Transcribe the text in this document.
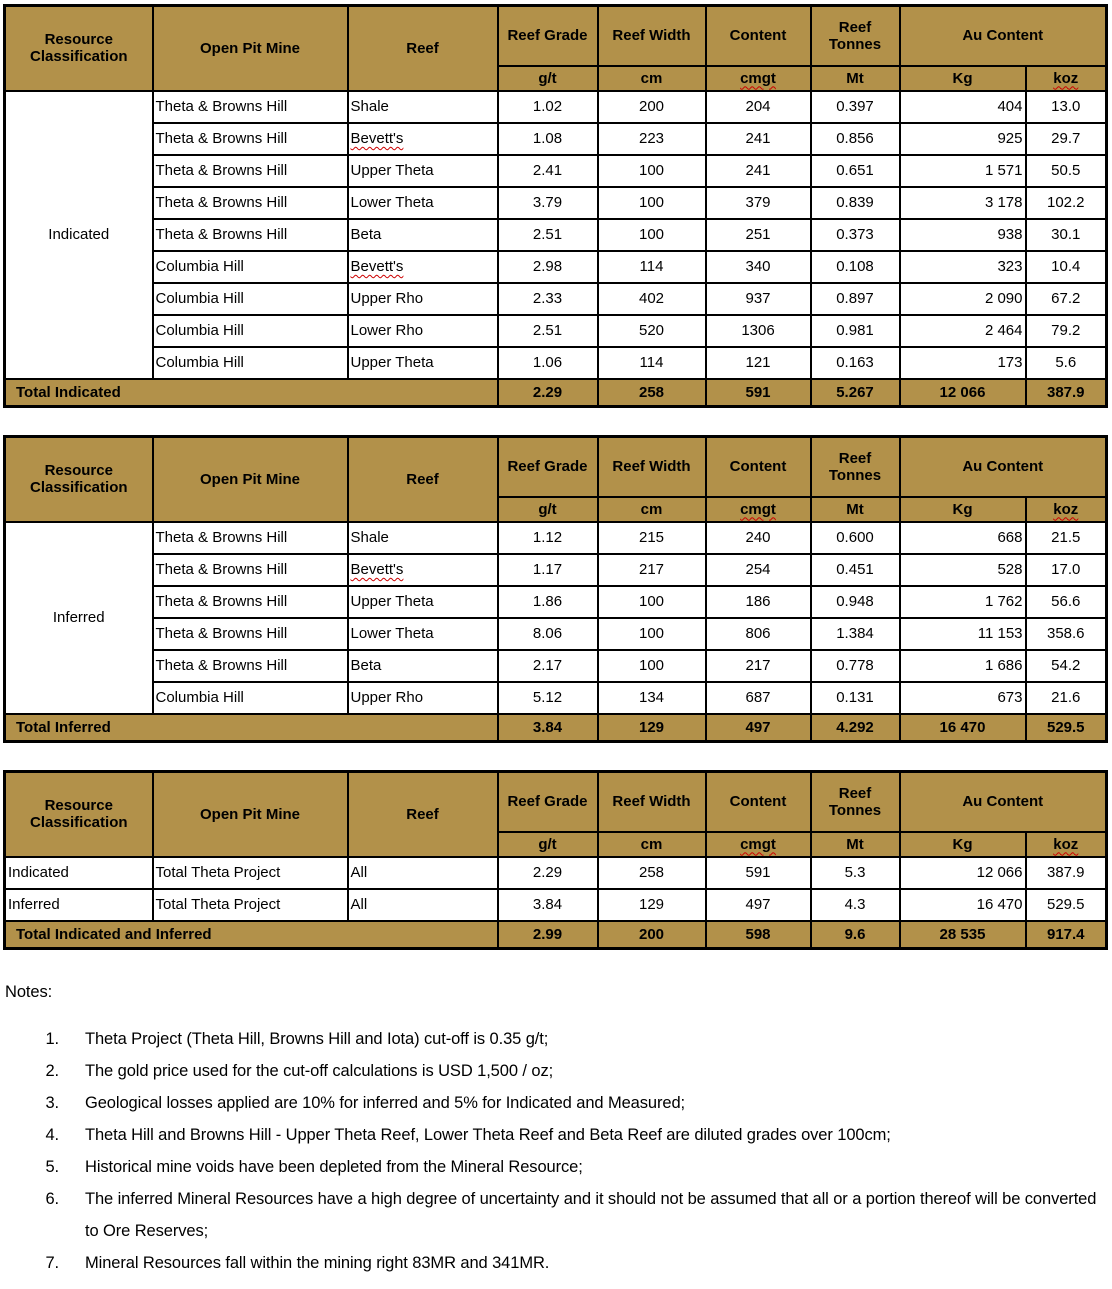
Resource Classification	Open Pit Mine	Reef	Reef Grade	Reef Width	Content	Reef Tonnes	Au Content	
			g/t	cm	cmgt	Mt	Kg	koz
Indicated	Theta & Browns Hill	Shale	1.02	200	204	0.397	404	13.0
	Theta & Browns Hill	Bevett's	1.08	223	241	0.856	925	29.7
	Theta & Browns Hill	Upper Theta	2.41	100	241	0.651	1 571	50.5
	Theta & Browns Hill	Lower Theta	3.79	100	379	0.839	3 178	102.2
	Theta & Browns Hill	Beta	2.51	100	251	0.373	938	30.1
	Columbia Hill	Bevett's	2.98	114	340	0.108	323	10.4
	Columbia Hill	Upper Rho	2.33	402	937	0.897	2 090	67.2
	Columbia Hill	Lower Rho	2.51	520	1306	0.981	2 464	79.2
	Columbia Hill	Upper Theta	1.06	114	121	0.163	173	5.6
Total Indicated			2.29	258	591	5.267	12 066	387.9
Resource Classification	Open Pit Mine	Reef	Reef Grade	Reef Width	Content	Reef Tonnes	Au Content	
			g/t	cm	cmgt	Mt	Kg	koz
Inferred	Theta & Browns Hill	Shale	1.12	215	240	0.600	668	21.5
	Theta & Browns Hill	Bevett's	1.17	217	254	0.451	528	17.0
	Theta & Browns Hill	Upper Theta	1.86	100	186	0.948	1 762	56.6
	Theta & Browns Hill	Lower Theta	8.06	100	806	1.384	11 153	358.6
	Theta & Browns Hill	Beta	2.17	100	217	0.778	1 686	54.2
	Columbia Hill	Upper Rho	5.12	134	687	0.131	673	21.6
Total Inferred			3.84	129	497	4.292	16 470	529.5
Resource Classification	Open Pit Mine	Reef	Reef Grade	Reef Width	Content	Reef Tonnes	Au Content	
			g/t	cm	cmgt	Mt	Kg	koz
Indicated	Total Theta Project	All	2.29	258	591	5.3	12 066	387.9
Inferred	Total Theta Project	All	3.84	129	497	4.3	16 470	529.5
Total Indicated and Inferred			2.99	200	598	9.6	28 535	917.4
Notes:
1. Theta Project (Theta Hill, Browns Hill and Iota) cut-off is 0.35 g/t;
2. The gold price used for the cut-off calculations is USD 1,500 / oz;
3. Geological losses applied are 10% for inferred and 5% for Indicated and Measured;
4. Theta Hill and Browns Hill - Upper Theta Reef, Lower Theta Reef and Beta Reef are diluted grades over 100cm;
5. Historical mine voids have been depleted from the Mineral Resource;
6. The inferred Mineral Resources have a high degree of uncertainty and it should not be assumed that all or a portion thereof will be converted to Ore Reserves;
7. Mineral Resources fall within the mining right 83MR and 341MR.
